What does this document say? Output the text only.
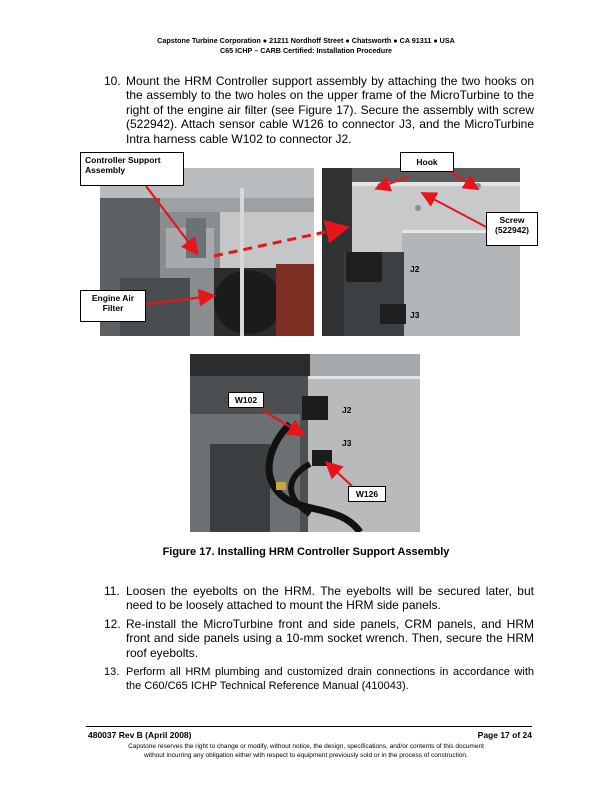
Capstone Turbine Corporation ● 21211 Nordhoff Street ● Chatsworth ● CA 91311 ● USA
C65 ICHP – CARB Certified: Installation Procedure
10. Mount the HRM Controller support assembly by attaching the two hooks on the assembly to the two holes on the upper frame of the MicroTurbine to the right of the engine air filter (see Figure 17). Secure the assembly with screw (522942). Attach sensor cable W126 to connector J3, and the MicroTurbine Intra harness cable W102 to connector J2.
Controller Support Assembly
Engine Air Filter
Hook
Screw (522942)
W102
W126
J2
J3
J2
J3
Figure 17. Installing HRM Controller Support Assembly
11. Loosen the eyebolts on the HRM. The eyebolts will be secured later, but need to be loosely attached to mount the HRM side panels.
12. Re-install the MicroTurbine front and side panels, CRM panels, and HRM front and side panels using a 10-mm socket wrench. Then, secure the HRM roof eyebolts.
13. Perform all HRM plumbing and customized drain connections in accordance with the C60/C65 ICHP Technical Reference Manual (410043).
480037 Rev B (April 2008)	Page 17 of 24
Capstone reserves the right to change or modify, without notice, the design, specifications, and/or contents of this document
without incurring any obligation either with respect to equipment previously sold or in the process of construction.
